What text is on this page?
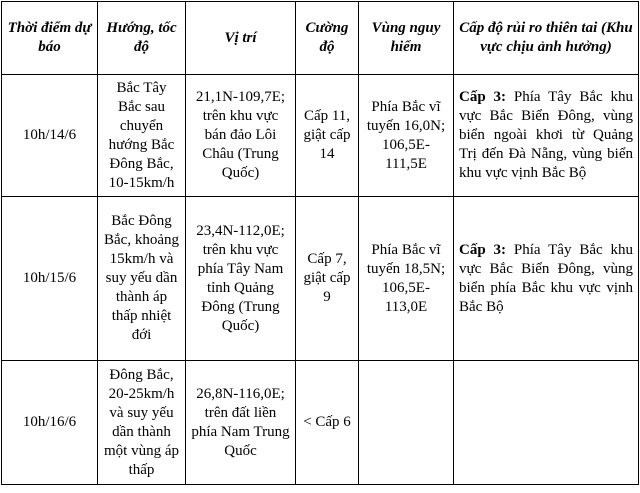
Thời điểm dự báo	Hướng, tốc độ	Vị trí	Cường độ	Vùng nguy hiểm	Cấp độ rủi ro thiên tai (Khu vực chịu ảnh hưởng)
10h/14/6	Bắc Tây Bắc sau chuyển hướng Bắc Đông Bắc, 10-15km/h	21,1N-109,7E; trên khu vực bán đảo Lôi Châu (Trung Quốc)	Cấp 11, giật cấp 14	Phía Bắc vĩ tuyến 16,0N; 106,5E-111,5E	Cấp 3: Phía Tây Bắc khu vực Bắc Biển Đông, vùng biển ngoài khơi từ Quảng Trị đến Đà Nẵng, vùng biển khu vực vịnh Bắc Bộ
10h/15/6	Bắc Đông Bắc, khoảng 15km/h và suy yếu dần thành áp thấp nhiệt đới	23,4N-112,0E; trên khu vực phía Tây Nam tỉnh Quảng Đông (Trung Quốc)	Cấp 7, giật cấp 9	Phía Bắc vĩ tuyến 18,5N; 106,5E-113,0E	Cấp 3: Phía Tây Bắc khu vực Bắc Biển Đông, vùng biển phía Bắc khu vực vịnh Bắc Bộ
10h/16/6	Đông Bắc, 20-25km/h và suy yếu dần thành một vùng áp thấp	26,8N-116,0E; trên đất liền phía Nam Trung Quốc	< Cấp 6		
